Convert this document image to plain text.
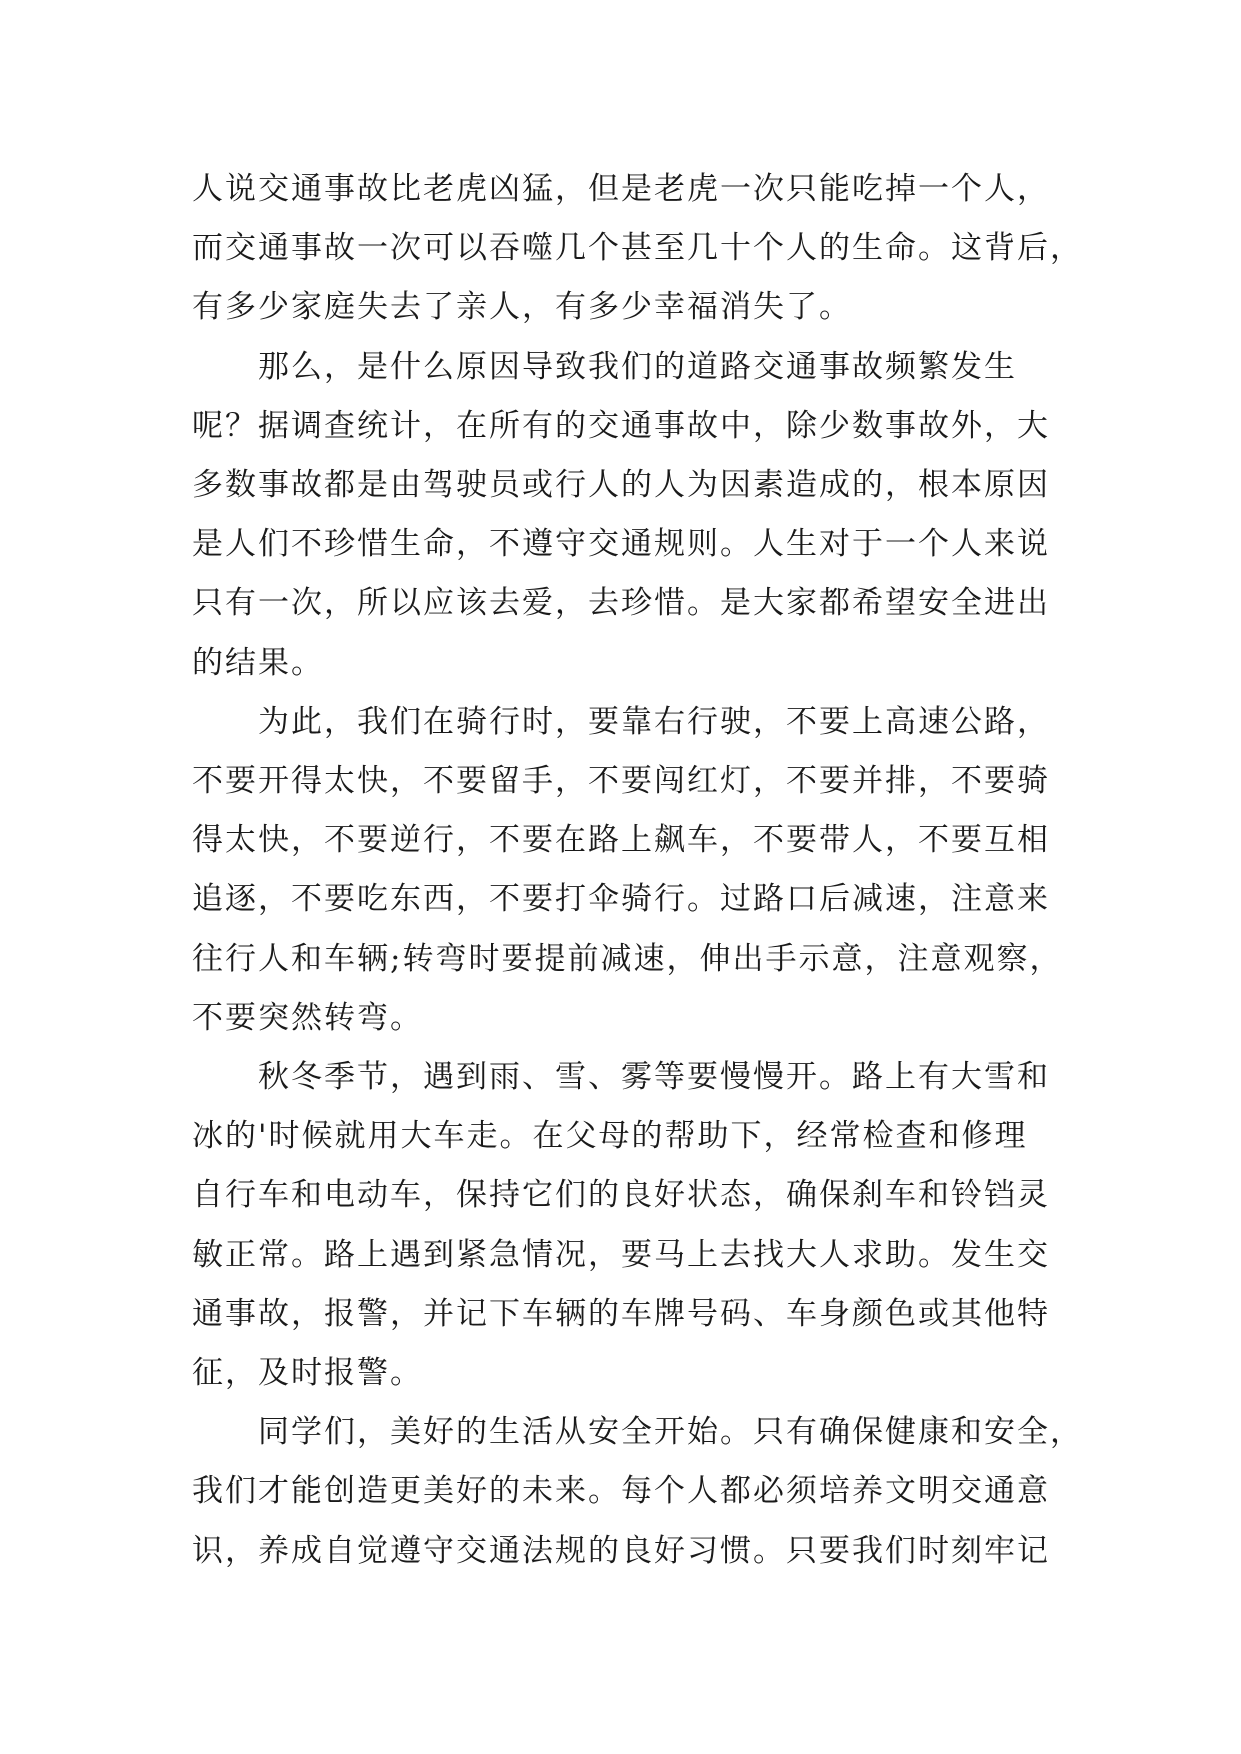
人说交通事故比老虎凶猛，但是老虎一次只能吃掉一个人，
而交通事故一次可以吞噬几个甚至几十个人的生命。这背后，
有多少家庭失去了亲人，有多少幸福消失了。
那么，是什么原因导致我们的道路交通事故频繁发生
呢？据调查统计，在所有的交通事故中，除少数事故外，大
多数事故都是由驾驶员或行人的人为因素造成的，根本原因
是人们不珍惜生命，不遵守交通规则。人生对于一个人来说
只有一次，所以应该去爱，去珍惜。是大家都希望安全进出
的结果。
为此，我们在骑行时，要靠右行驶，不要上高速公路，
不要开得太快，不要留手，不要闯红灯，不要并排，不要骑
得太快，不要逆行，不要在路上飙车，不要带人，不要互相
追逐，不要吃东西，不要打伞骑行。过路口后减速，注意来
往行人和车辆;转弯时要提前减速，伸出手示意，注意观察，
不要突然转弯。
秋冬季节，遇到雨、雪、雾等要慢慢开。路上有大雪和
冰的'时候就用大车走。在父母的帮助下，经常检查和修理
自行车和电动车，保持它们的良好状态，确保刹车和铃铛灵
敏正常。路上遇到紧急情况，要马上去找大人求助。发生交
通事故，报警，并记下车辆的车牌号码、车身颜色或其他特
征，及时报警。
同学们，美好的生活从安全开始。只有确保健康和安全，
我们才能创造更美好的未来。每个人都必须培养文明交通意
识，养成自觉遵守交通法规的良好习惯。只要我们时刻牢记
